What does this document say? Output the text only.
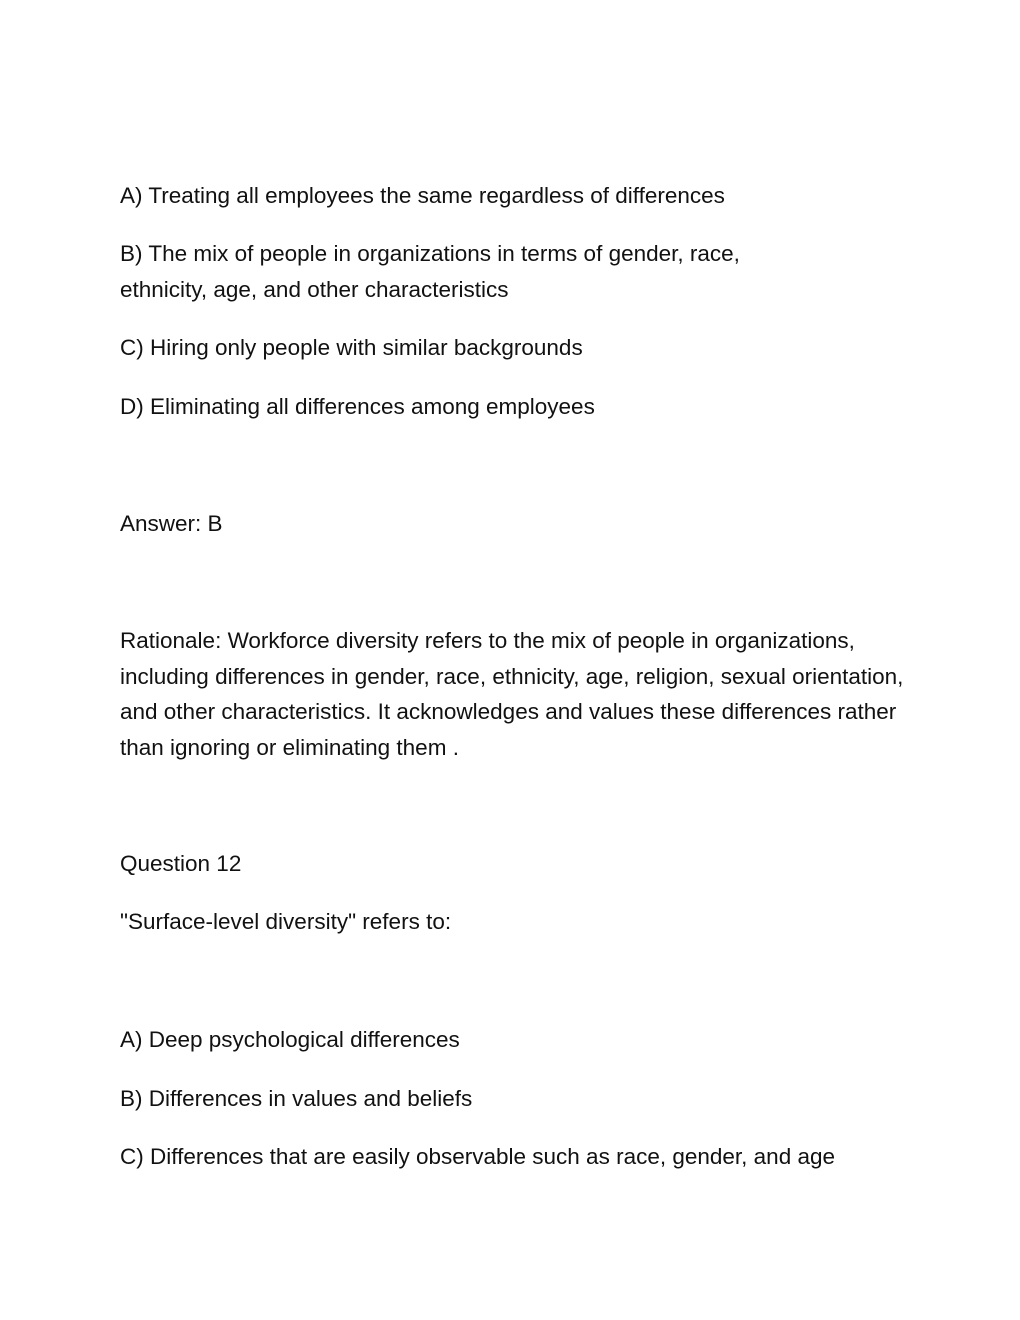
A) Treating all employees the same regardless of differences

B) The mix of people in organizations in terms of gender, race, ethnicity, age, and other characteristics

C) Hiring only people with similar backgrounds

D) Eliminating all differences among employees

Answer: B

Rationale: Workforce diversity refers to the mix of people in organizations, including differences in gender, race, ethnicity, age, religion, sexual orientation, and other characteristics. It acknowledges and values these differences rather than ignoring or eliminating them .

Question 12

"Surface-level diversity" refers to:

A) Deep psychological differences

B) Differences in values and beliefs

C) Differences that are easily observable such as race, gender, and age
